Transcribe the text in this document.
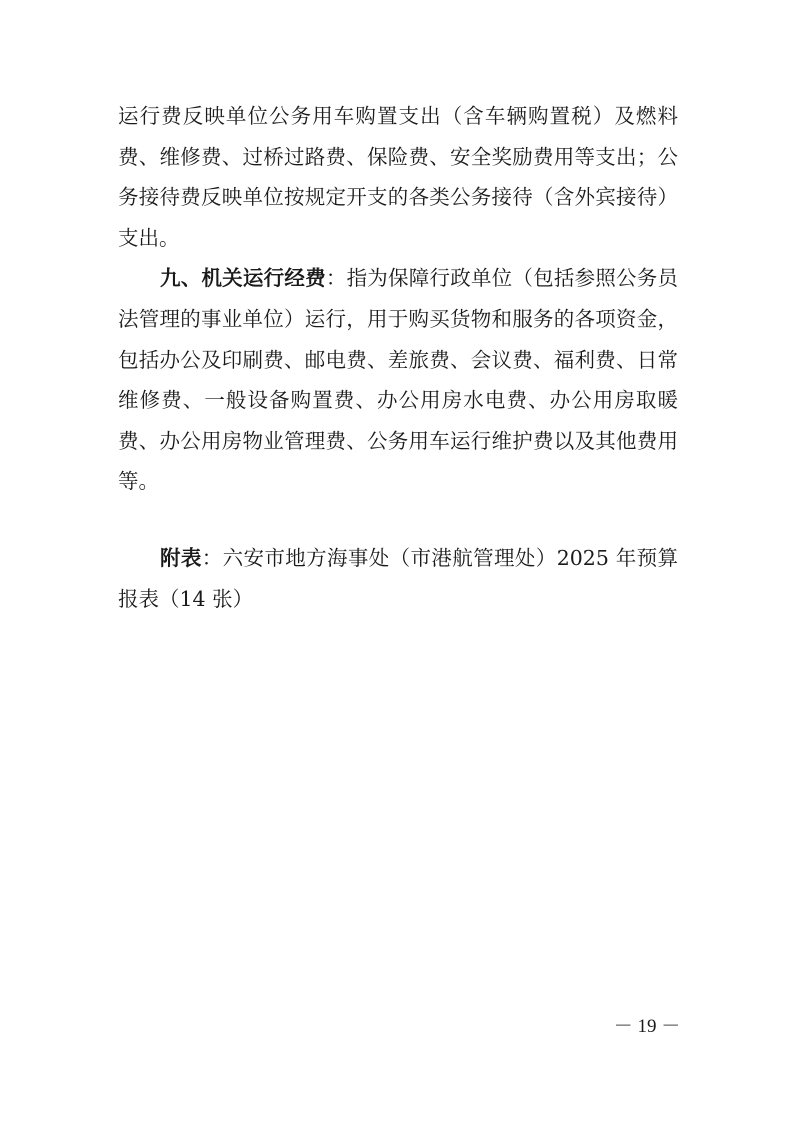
运行费反映单位公务用车购置支出（含车辆购置税）及燃料费、维修费、过桥过路费、保险费、安全奖励费用等支出；公务接待费反映单位按规定开支的各类公务接待（含外宾接待）支出。

九、机关运行经费：指为保障行政单位（包括参照公务员法管理的事业单位）运行，用于购买货物和服务的各项资金，包括办公及印刷费、邮电费、差旅费、会议费、福利费、日常维修费、一般设备购置费、办公用房水电费、办公用房取暖费、办公用房物业管理费、公务用车运行维护费以及其他费用等。

附表：六安市地方海事处（市港航管理处）2025 年预算报表（14 张）

－ 19 －
